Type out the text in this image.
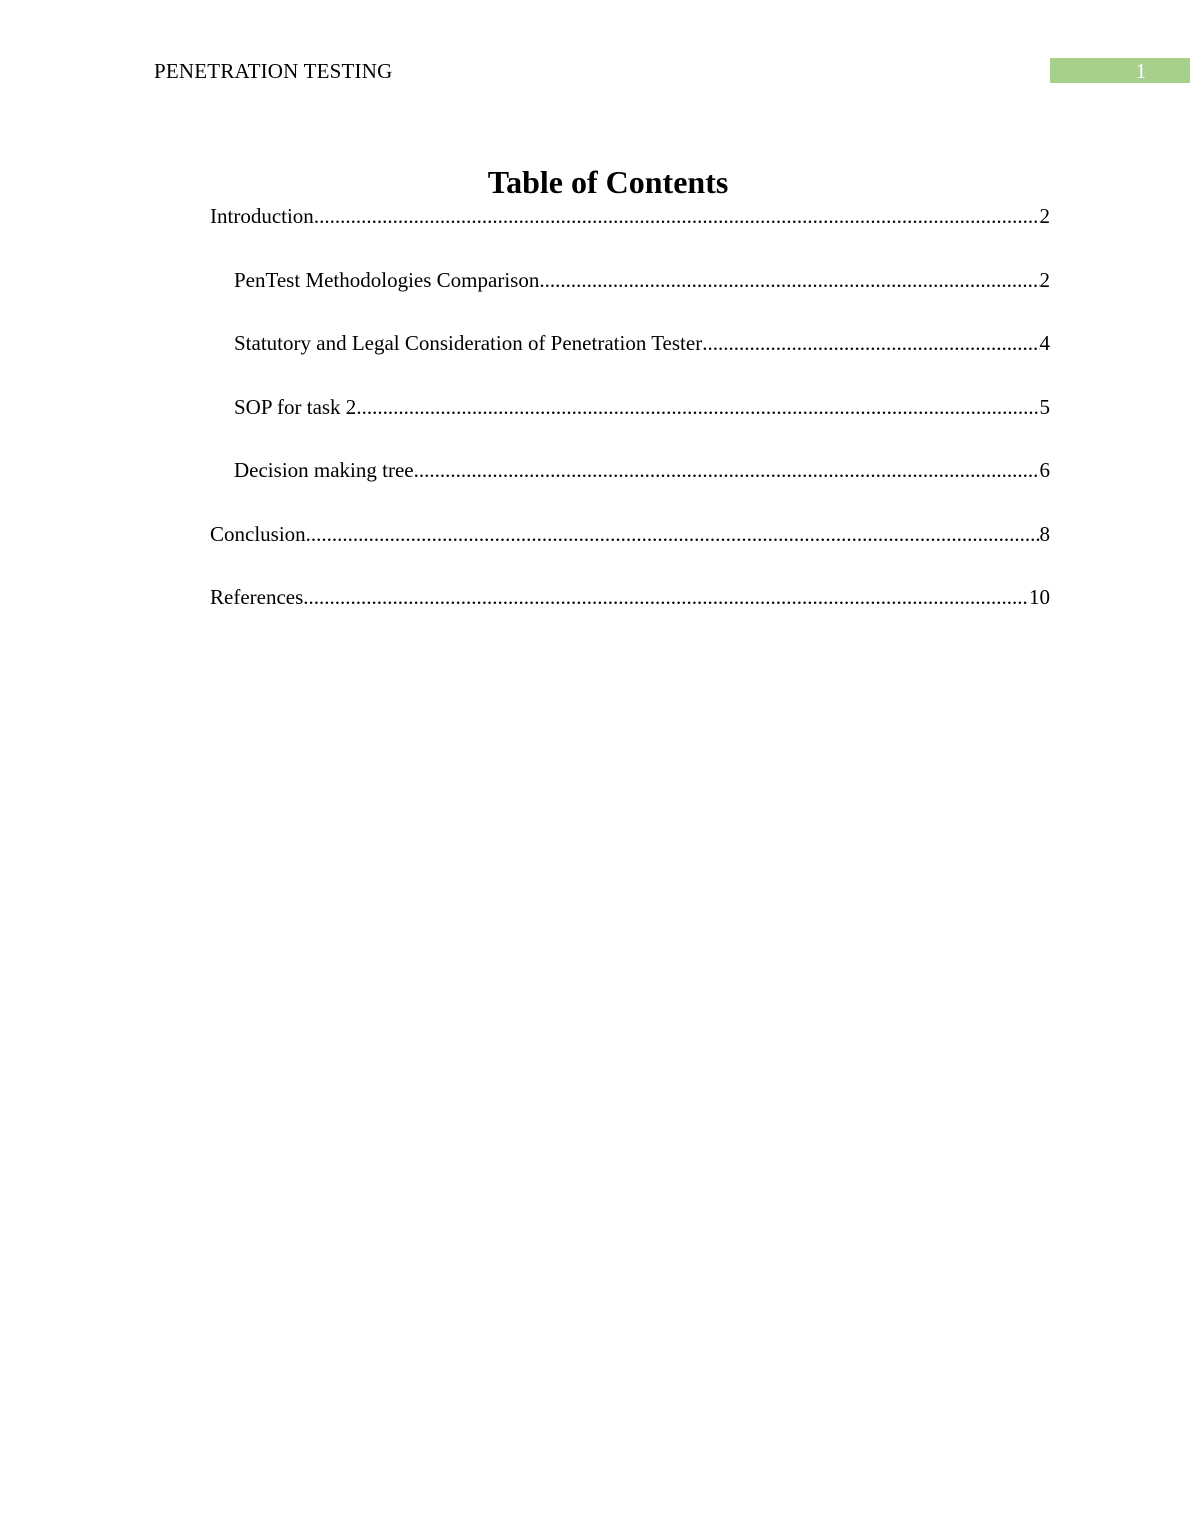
PENETRATION TESTING	1
Table of Contents
Introduction .....	2
PenTest Methodologies Comparison .....	2
Statutory and Legal Consideration of Penetration Tester .....	4
SOP for task 2 .....	5
Decision making tree .....	6
Conclusion .....	8
References .....	10
